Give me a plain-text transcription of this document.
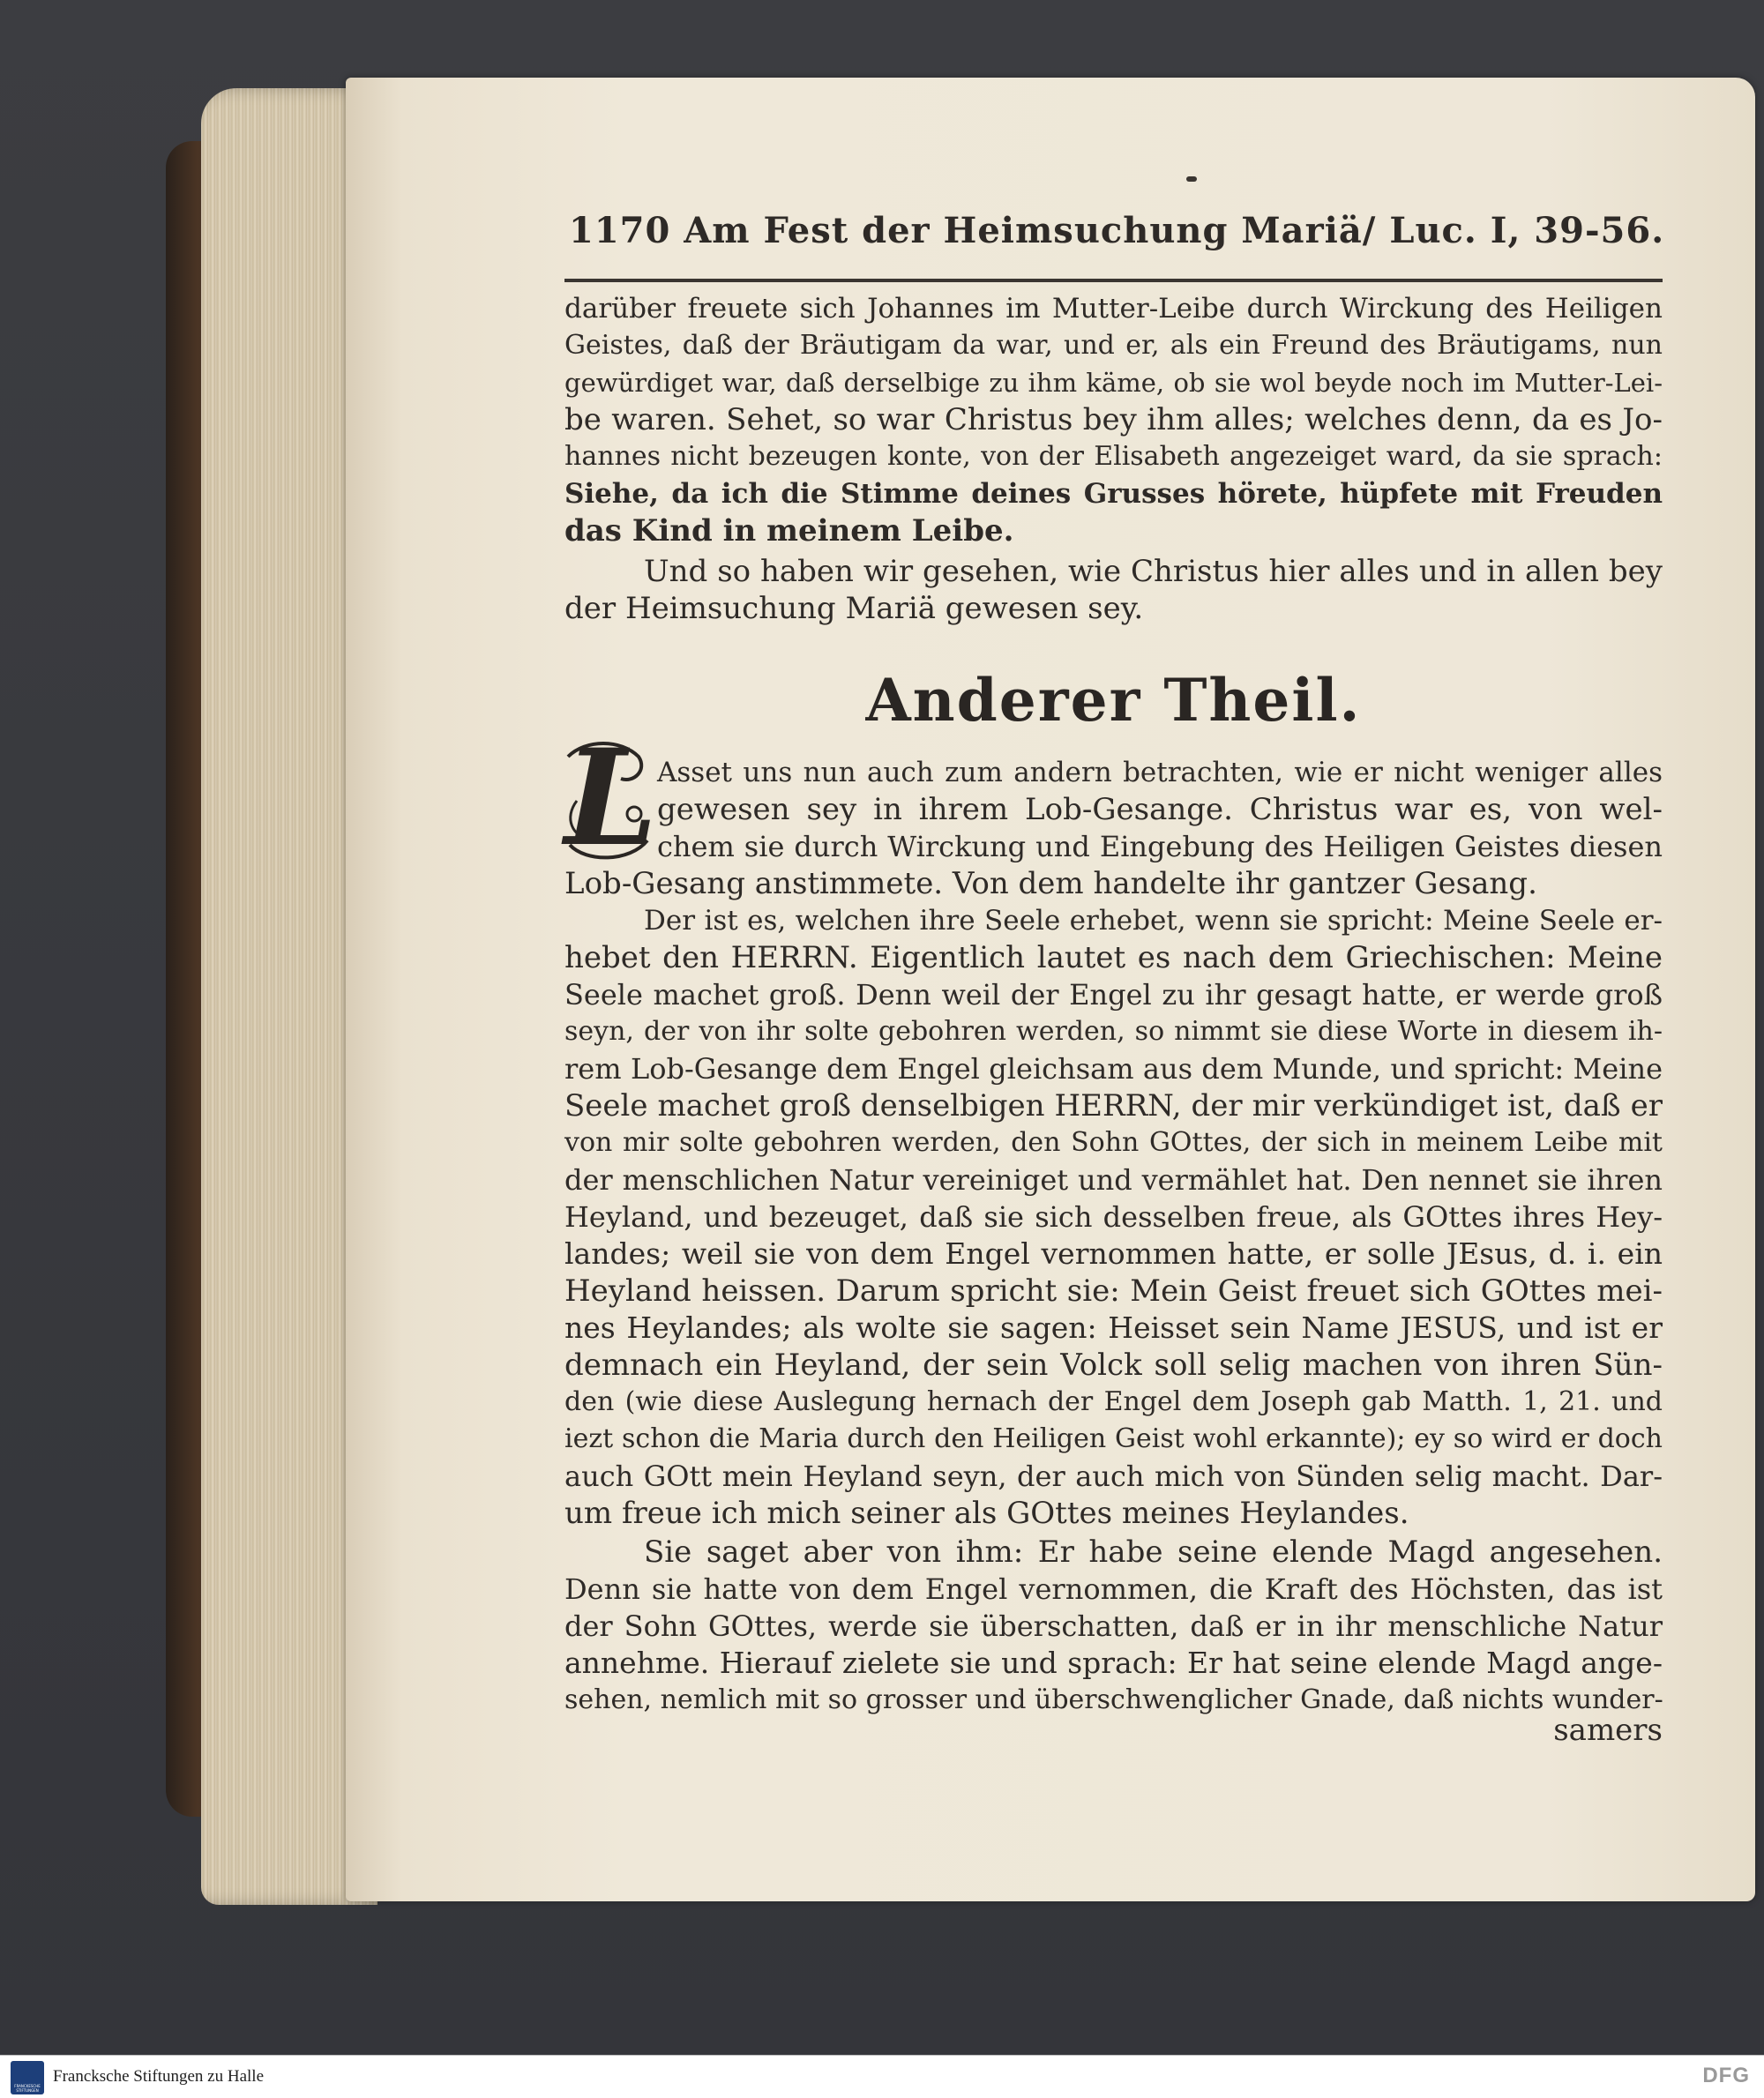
1170 Am Fest der Heimsuchung Mariä/ Luc. I, 39-56.
darüber freuete sich Johannes im Mutter-Leibe durch Wirckung des Heiligen
Geistes, daß der Bräutigam da war, und er, als ein Freund des Bräutigams, nun
gewürdiget war, daß derselbige zu ihm käme, ob sie wol beyde noch im Mutter-Lei-
be waren. Sehet, so war Christus bey ihm alles; welches denn, da es Jo-
hannes nicht bezeugen konte, von der Elisabeth angezeiget ward, da sie sprach:
Siehe, da ich die Stimme deines Grusses hörete, hüpfete mit Freuden
das Kind in meinem Leibe.
Und so haben wir gesehen, wie Christus hier alles und in allen bey
der Heimsuchung Mariä gewesen sey.
Anderer Theil.
L Asset uns nun auch zum andern betrachten, wie er nicht weniger alles
gewesen sey in ihrem Lob-Gesange. Christus war es, von wel-
chem sie durch Wirckung und Eingebung des Heiligen Geistes diesen
Lob-Gesang anstimmete. Von dem handelte ihr gantzer Gesang.
Der ist es, welchen ihre Seele erhebet, wenn sie spricht: Meine Seele er-
hebet den HERRN. Eigentlich lautet es nach dem Griechischen: Meine
Seele machet groß. Denn weil der Engel zu ihr gesagt hatte, er werde groß
seyn, der von ihr solte gebohren werden, so nimmt sie diese Worte in diesem ih-
rem Lob-Gesange dem Engel gleichsam aus dem Munde, und spricht: Meine
Seele machet groß denselbigen HERRN, der mir verkündiget ist, daß er
von mir solte gebohren werden, den Sohn GOttes, der sich in meinem Leibe mit
der menschlichen Natur vereiniget und vermählet hat. Den nennet sie ihren
Heyland, und bezeuget, daß sie sich desselben freue, als GOttes ihres Hey-
landes; weil sie von dem Engel vernommen hatte, er solle JEsus, d. i. ein
Heyland heissen. Darum spricht sie: Mein Geist freuet sich GOttes mei-
nes Heylandes; als wolte sie sagen: Heisset sein Name JESUS, und ist er
demnach ein Heyland, der sein Volck soll selig machen von ihren Sün-
den (wie diese Auslegung hernach der Engel dem Joseph gab Matth. 1, 21. und
iezt schon die Maria durch den Heiligen Geist wohl erkannte); ey so wird er doch
auch GOtt mein Heyland seyn, der auch mich von Sünden selig macht. Dar-
um freue ich mich seiner als GOttes meines Heylandes.
Sie saget aber von ihm: Er habe seine elende Magd angesehen.
Denn sie hatte von dem Engel vernommen, die Kraft des Höchsten, das ist
der Sohn GOttes, werde sie überschatten, daß er in ihr menschliche Natur
annehme. Hierauf zielete sie und sprach: Er hat seine elende Magd ange-
sehen, nemlich mit so grosser und überschwenglicher Gnade, daß nichts wunder-
samers
FRANCKESCHE STIFTUNGEN
Francksche Stiftungen zu Halle	DFG
